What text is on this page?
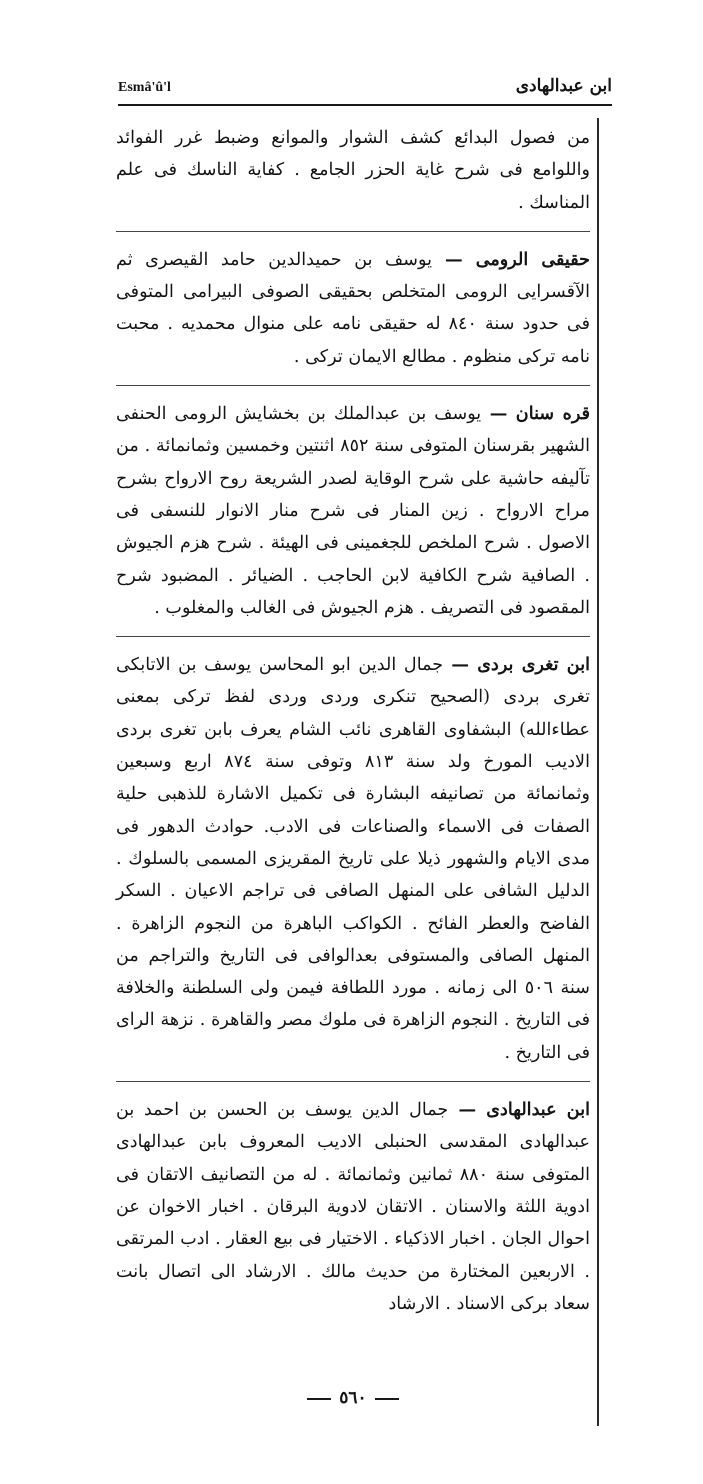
ابن عبدالهادی
Esmâ'û'l

من فصول البدائع كشف الشوار والموانع وضبط غرر الفوائد واللوامع فی شرح غاية الحزر الجامع . كفاية الناسك فی علم المناسك .

حقیقی الرومی — یوسف بن حمیدالدین حامد القیصری ثم الآقسرایی الرومی المتخلص بحقیقی الصوفی البیرامی المتوفی فی حدود سنة ٨٤٠ له حقیقی نامه علی منوال محمدیه . محبت نامه تركی منظوم . مطالع الایمان تركی .

قره سنان — یوسف بن عبدالملك بن بخشایش الرومی الحنفی الشهیر بقرسنان المتوفی سنة ٨٥٢ اثنتین وخمسین وثمانمائة . من تآلیفه حاشیة علی شرح الوقایة لصدر الشریعة روح الارواح بشرح مراح الارواح . زین المنار فی شرح منار الانوار للنسفی فی الاصول . شرح الملخص للجغمینی فی الهیئة . شرح هزم الجیوش . الصافیة شرح الكافیة لابن الحاجب . الضیائر . المضبود شرح المقصود فی التصریف . هزم الجیوش فی الغالب والمغلوب .

ابن تغری بردی — جمال الدین ابو المحاسن یوسف بن الاتابكی تغری بردی (الصحیح تنكری وردی وردی لفظ تركی بمعنی عطاءالله) البشفاوی القاهری نائب الشام یعرف بابن تغری بردی الادیب المورخ ولد سنة ٨١٣ وتوفی سنة ٨٧٤ اربع وسبعین وثمانمائة من تصانیفه البشارة فی تكمیل الاشارة للذهبی حلیة الصفات فی الاسماء والصناعات فی الادب. حوادث الدهور فی مدی الایام والشهور ذیلا علی تاریخ المقریزی المسمی بالسلوك . الدلیل الشافی علی المنهل الصافی فی تراجم الاعیان . السكر الفاضح والعطر الفائح . الكواكب الباهرة من النجوم الزاهرة . المنهل الصافی والمستوفی بعدالوافی فی التاریخ والتراجم من سنة ٥٠٦ الی زمانه . مورد اللطافة فیمن ولی السلطنة والخلافة فی التاریخ . النجوم الزاهرة فی ملوك مصر والقاهرة . نزهة الرای فی التاریخ .

ابن عبدالهادی — جمال الدین یوسف بن الحسن بن احمد بن عبدالهادی المقدسی الحنبلی الادیب المعروف بابن عبدالهادی المتوفی سنة ٨٨٠ ثمانین وثمانمائة . له من التصانیف الاتقان فی ادویة اللثة والاسنان . الاتقان لادویة البرقان . اخبار الاخوان عن احوال الجان . اخبار الاذكیاء . الاختیار فی بیع العقار . ادب المرتقی . الاربعین المختارة من حدیث مالك . الارشاد الی اتصال بانت سعاد بركی الاسناد . الارشاد

٥٦٠
